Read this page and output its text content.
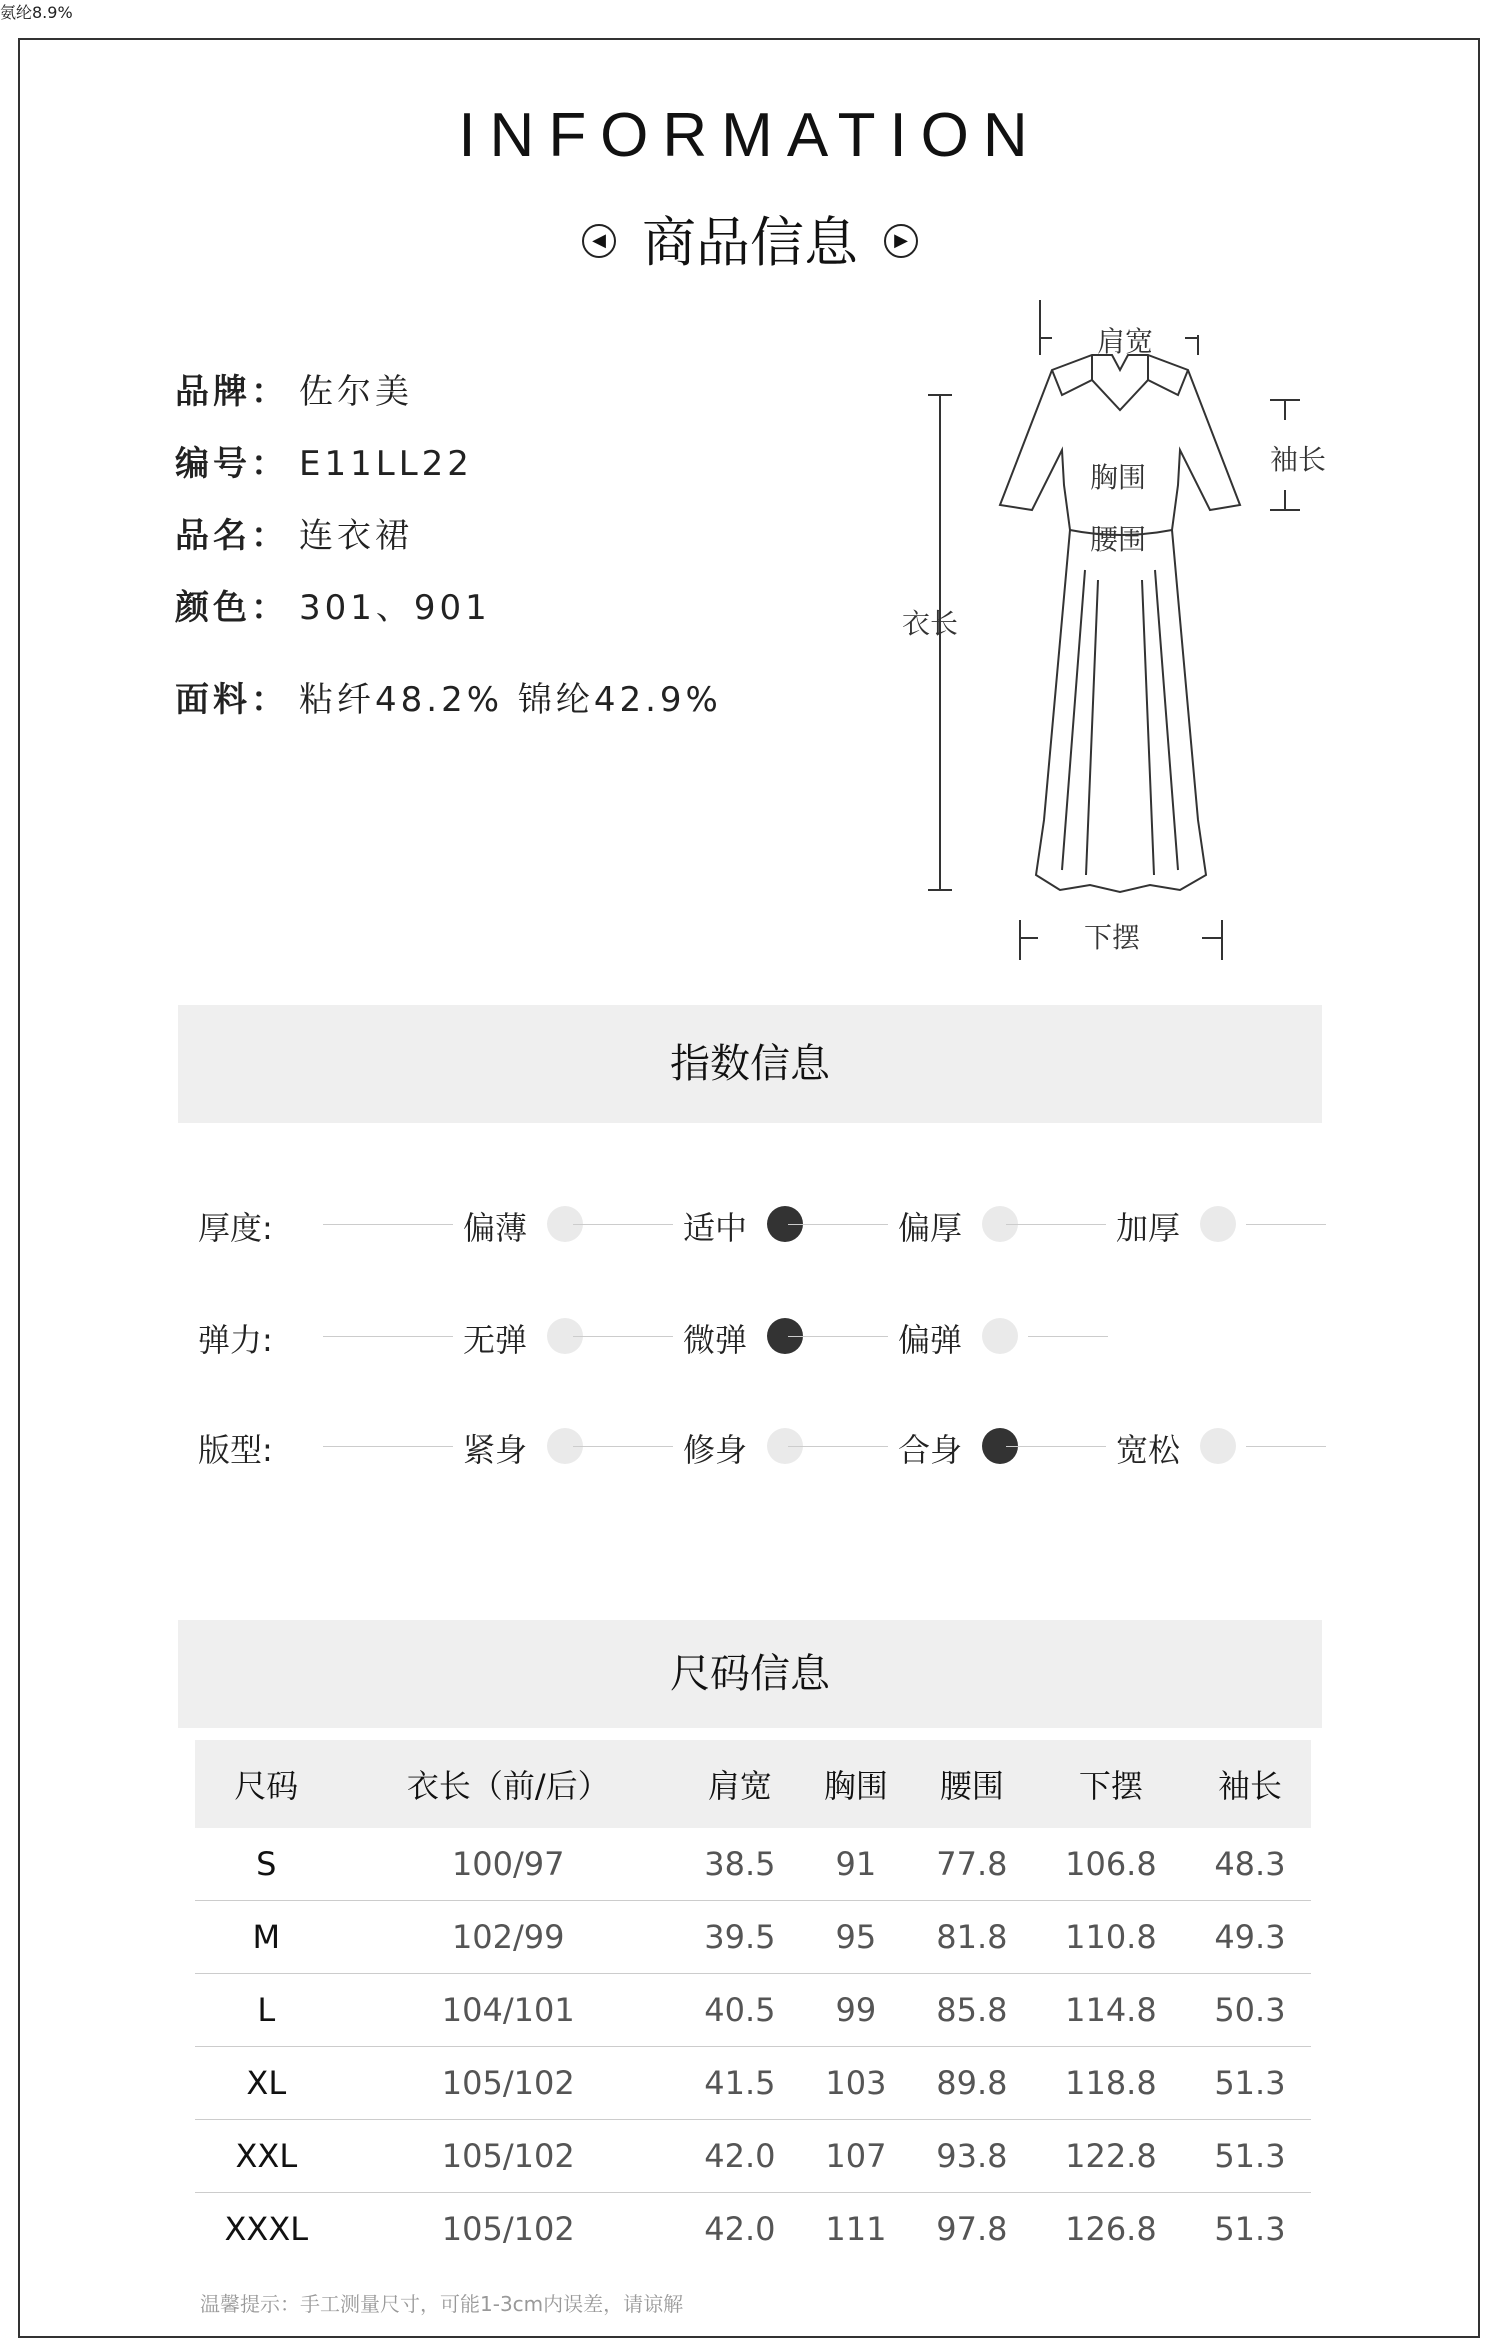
INFORMATION
◀ 商品信息 ▶
品牌： 佐尔美
编号： E11LL22
品名： 连衣裙
颜色： 301、901
面料： 粘纤48.2% 锦纶42.9%
氨纶8.9%
肩宽
袖长
胸围
腰围
衣长
下摆
指数信息
厚度:	偏薄	适中	偏厚	加厚
弹力:	无弹	微弹	偏弹
版型:	紧身	修身	合身	宽松
尺码信息
尺码	衣长（前/后）	肩宽	胸围	腰围	下摆	袖长
S	100/97	38.5	91	77.8	106.8	48.3
M	102/99	39.5	95	81.8	110.8	49.3
L	104/101	40.5	99	85.8	114.8	50.3
XL	105/102	41.5	103	89.8	118.8	51.3
XXL	105/102	42.0	107	93.8	122.8	51.3
XXXL	105/102	42.0	111	97.8	126.8	51.3
温馨提示：手工测量尺寸，可能1-3cm内误差，请谅解
